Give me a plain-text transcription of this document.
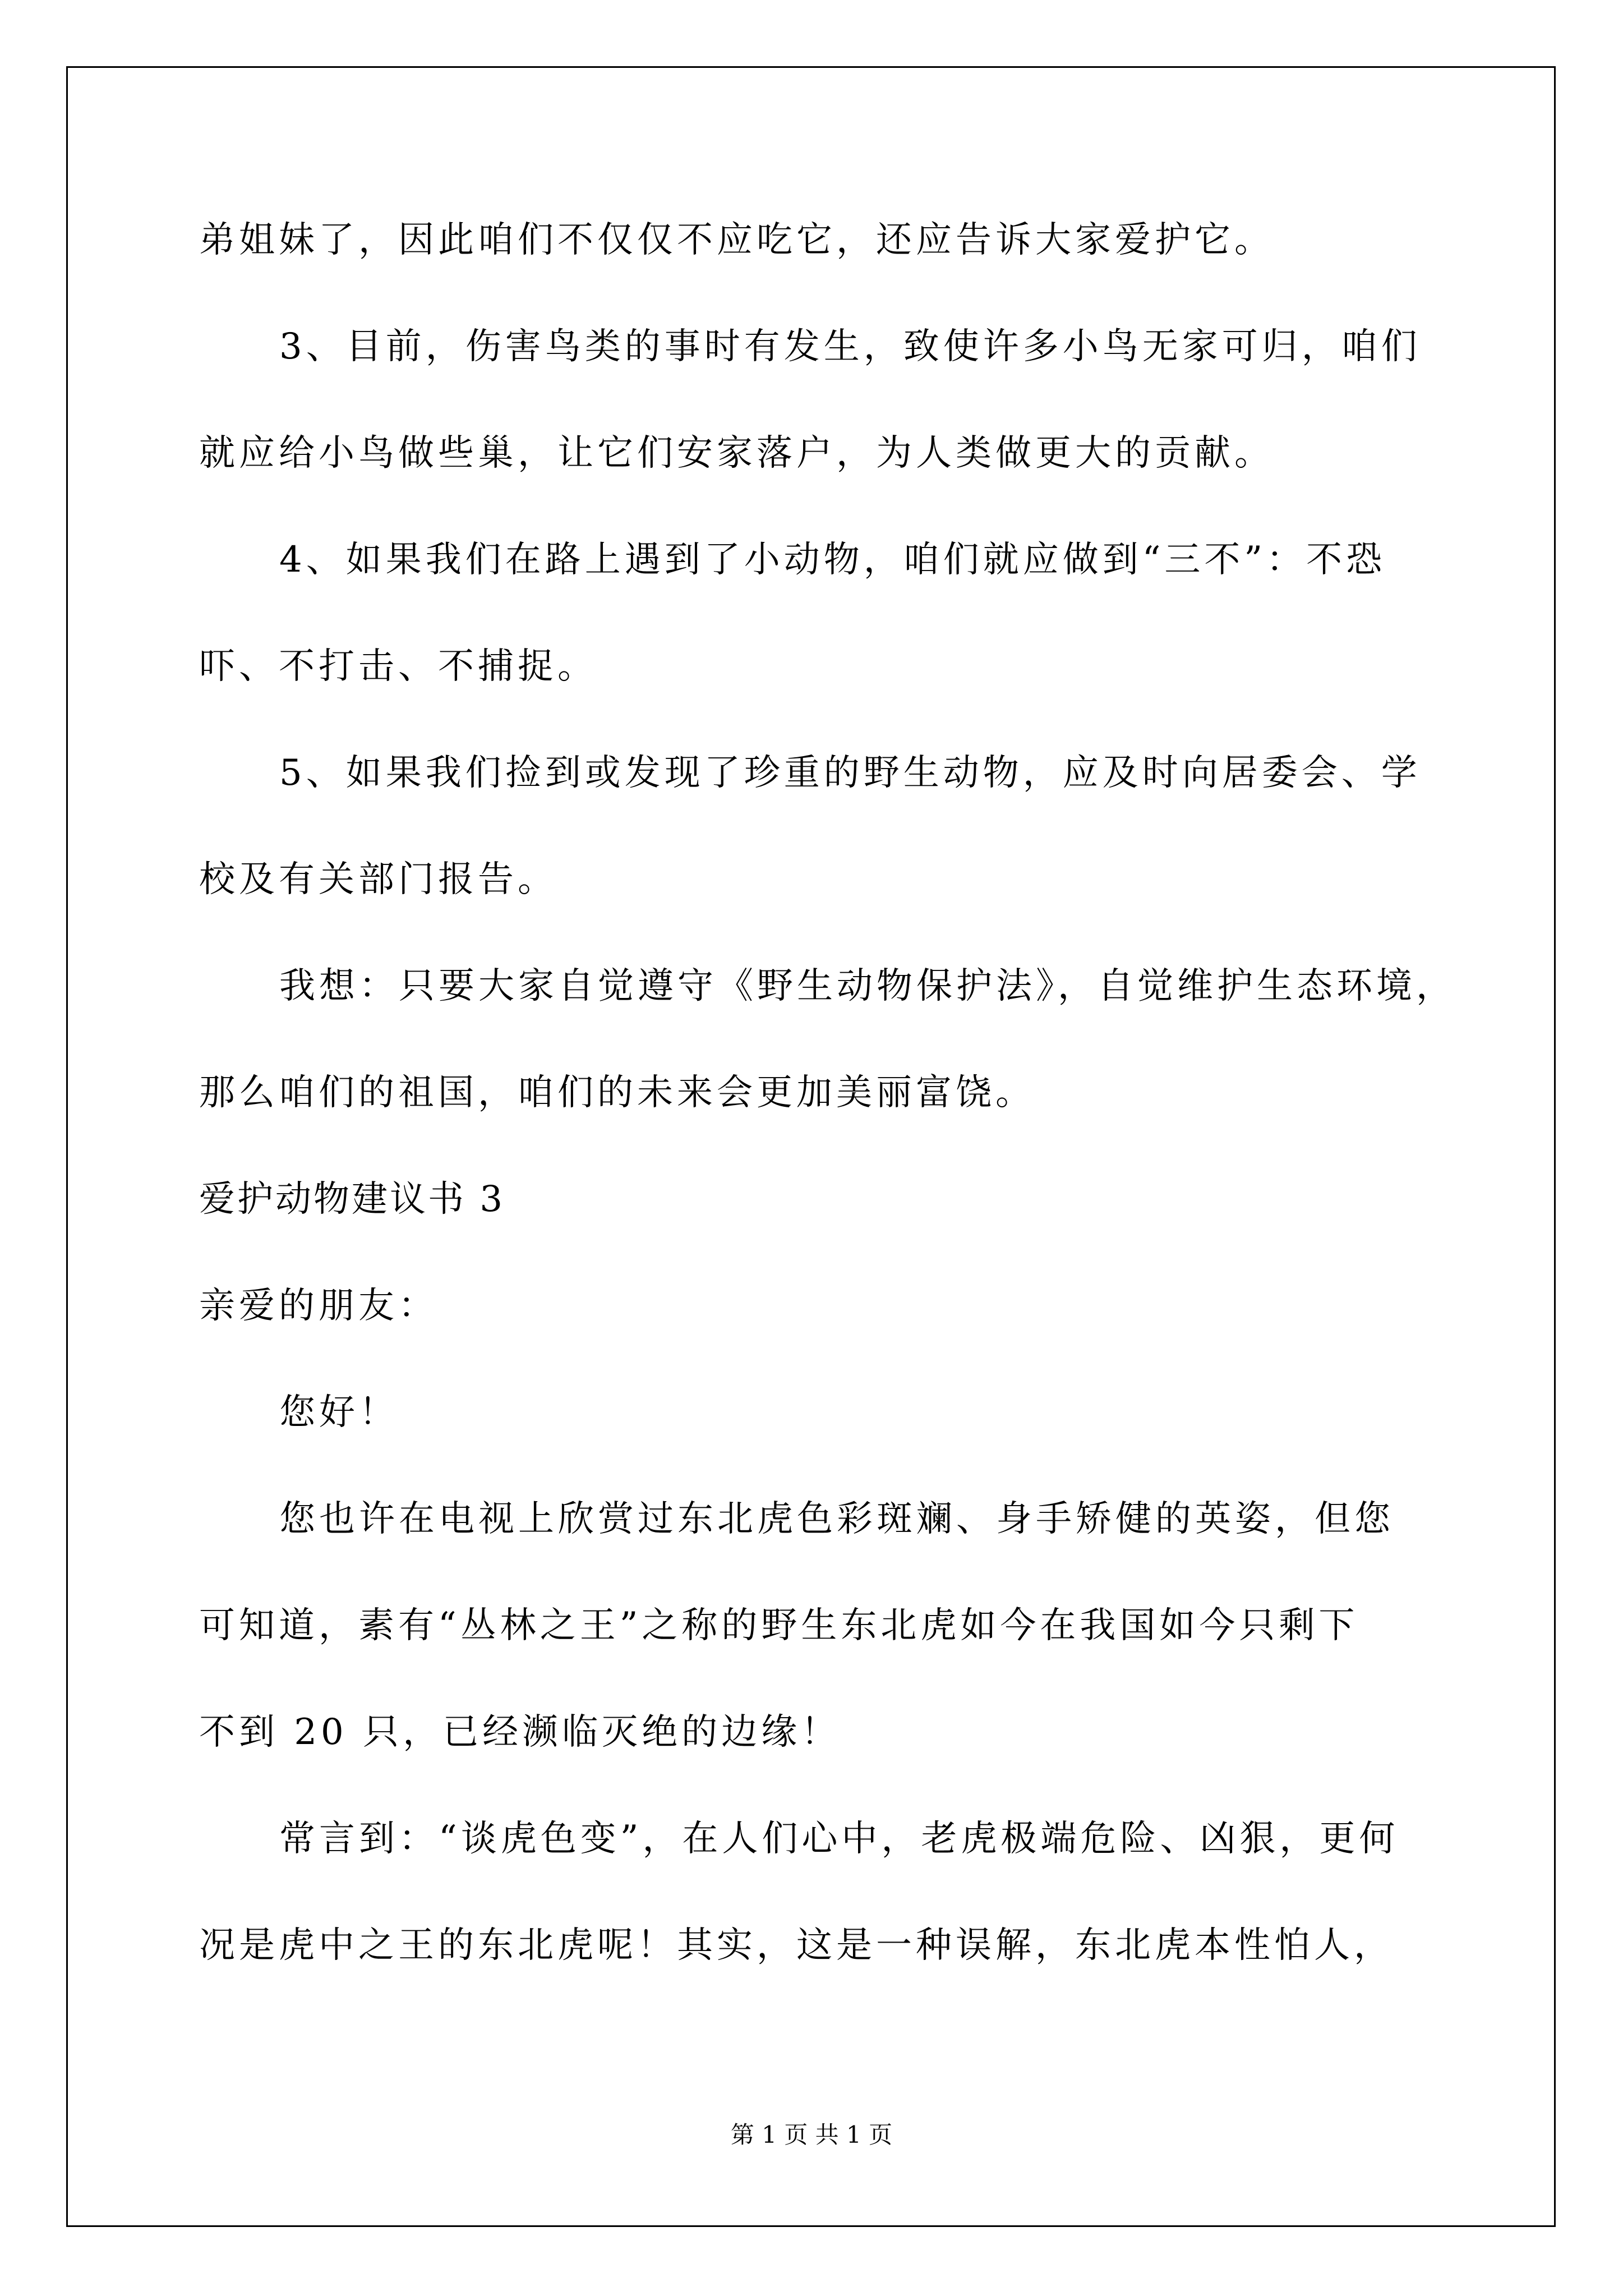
弟姐妹了，因此咱们不仅仅不应吃它，还应告诉大家爱护它。

3、目前，伤害鸟类的事时有发生，致使许多小鸟无家可归，咱们

就应给小鸟做些巢，让它们安家落户，为人类做更大的贡献。

4、如果我们在路上遇到了小动物，咱们就应做到“三不”：不恐

吓、不打击、不捕捉。

5、如果我们捡到或发现了珍重的野生动物，应及时向居委会、学

校及有关部门报告。

我想：只要大家自觉遵守《野生动物保护法》，自觉维护生态环境，

那么咱们的祖国，咱们的未来会更加美丽富饶。

爱护动物建议书 3

亲爱的朋友：

您好！

您也许在电视上欣赏过东北虎色彩斑斓、身手矫健的英姿，但您

可知道，素有“丛林之王”之称的野生东北虎如今在我国如今只剩下

不到 20 只，已经濒临灭绝的边缘！

常言到：“谈虎色变”，在人们心中，老虎极端危险、凶狠，更何

况是虎中之王的东北虎呢！其实，这是一种误解，东北虎本性怕人，

第 1 页 共 1 页
